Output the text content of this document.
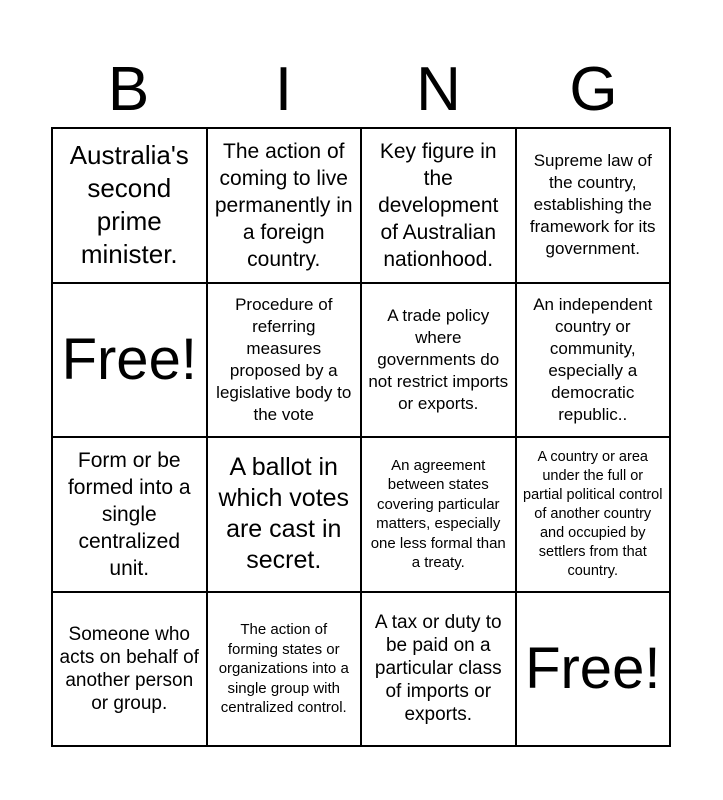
B	I	N	G
Australia's second prime minister.
The action of coming to live permanently in a foreign country.
Key figure in the development of Australian nationhood.
Supreme law of the country, establishing the framework for its government.
Free!
Procedure of referring measures proposed by a legislative body to the vote
A trade policy where governments do not restrict imports or exports.
An independent country or community, especially a democratic republic..
Form or be formed into a single centralized unit.
A ballot in which votes are cast in secret.
An agreement between states covering particular matters, especially one less formal than a treaty.
A country or area under the full or partial political control of another country and occupied by settlers from that country.
Someone who acts on behalf of another person or group.
The action of forming states or organizations into a single group with centralized control.
A tax or duty to be paid on a particular class of imports or exports.
Free!
